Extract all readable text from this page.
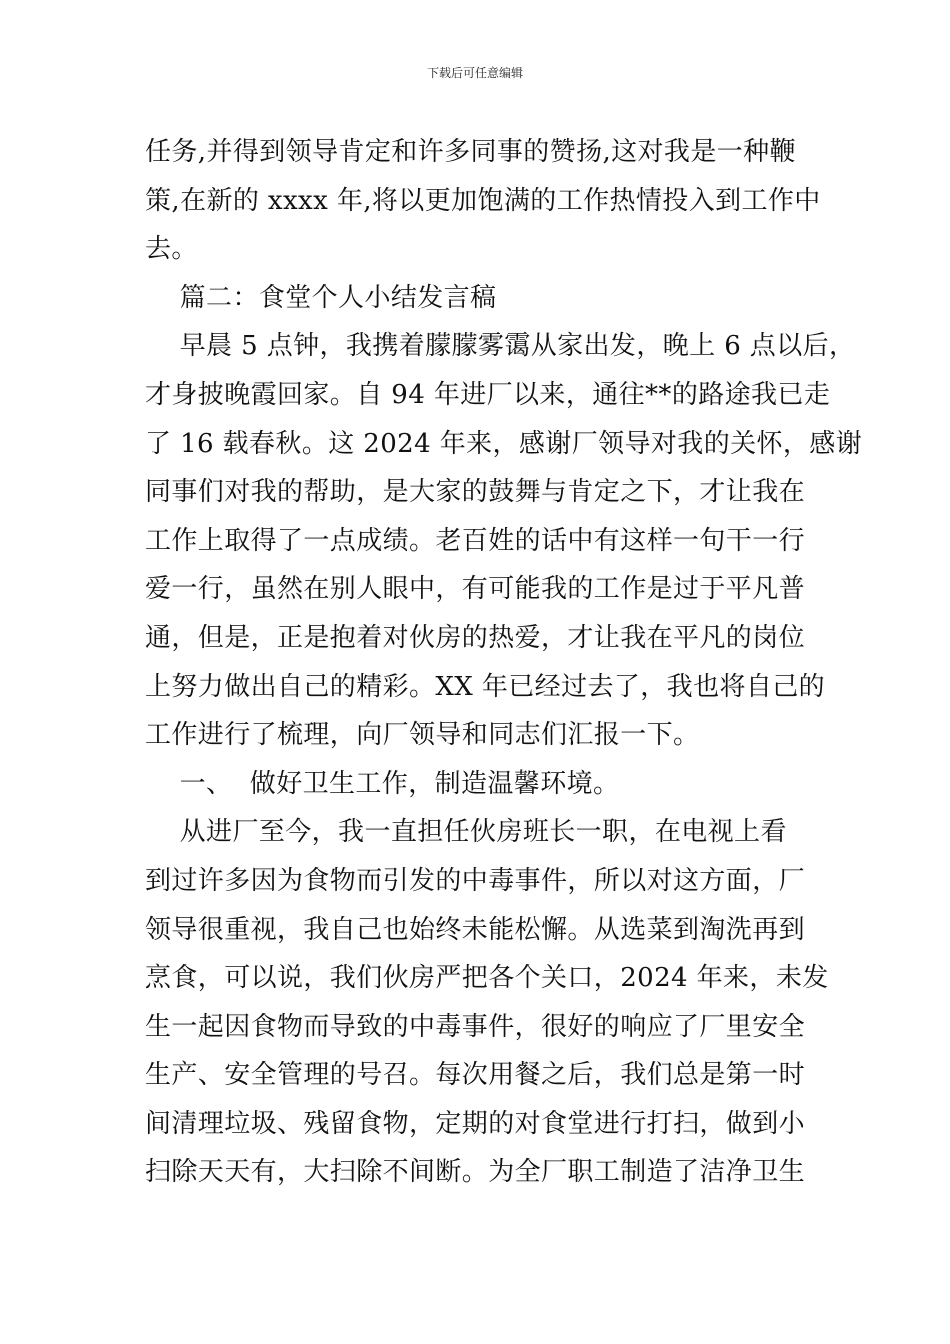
下载后可任意编辑
任务,并得到领导肯定和许多同事的赞扬,这对我是一种鞭
策,在新的 xxxx 年,将以更加饱满的工作热情投入到工作中
去。
篇二：食堂个人小结发言稿
早晨 5 点钟，我携着朦朦雾霭从家出发，晚上 6 点以后，
才身披晚霞回家。自 94 年进厂以来，通往**的路途我已走
了 16 载春秋。这 2024 年来，感谢厂领导对我的关怀，感谢
同事们对我的帮助，是大家的鼓舞与肯定之下，才让我在
工作上取得了一点成绩。老百姓的话中有这样一句干一行
爱一行，虽然在别人眼中，有可能我的工作是过于平凡普
通，但是，正是抱着对伙房的热爱，才让我在平凡的岗位
上努力做出自己的精彩。XX 年已经过去了，我也将自己的
工作进行了梳理，向厂领导和同志们汇报一下。
一、  做好卫生工作，制造温馨环境。
从进厂至今，我一直担任伙房班长一职，在电视上看
到过许多因为食物而引发的中毒事件，所以对这方面，厂
领导很重视，我自己也始终未能松懈。从选菜到淘洗再到
烹食，可以说，我们伙房严把各个关口，2024 年来，未发
生一起因食物而导致的中毒事件，很好的响应了厂里安全
生产、安全管理的号召。每次用餐之后，我们总是第一时
间清理垃圾、残留食物，定期的对食堂进行打扫，做到小
扫除天天有，大扫除不间断。为全厂职工制造了洁净卫生
